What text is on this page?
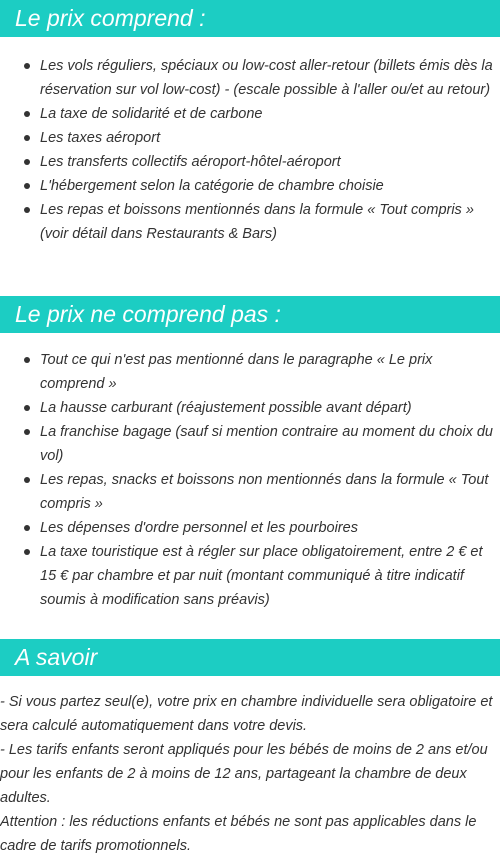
Le prix comprend :
Les vols réguliers, spéciaux ou low-cost aller-retour (billets émis dès la réservation sur vol low-cost) - (escale possible à l'aller ou/et au retour)
La taxe de solidarité et de carbone
Les taxes aéroport
Les transferts collectifs aéroport-hôtel-aéroport
L'hébergement selon la catégorie de chambre choisie
Les repas et boissons mentionnés dans la formule « Tout compris » (voir détail dans Restaurants & Bars)
Le prix ne comprend pas :
Tout ce qui n'est pas mentionné dans le paragraphe « Le prix comprend »
La hausse carburant (réajustement possible avant départ)
La franchise bagage (sauf si mention contraire au moment du choix du vol)
Les repas, snacks et boissons non mentionnés dans la formule « Tout compris »
Les dépenses d'ordre personnel et les pourboires
La taxe touristique est à régler sur place obligatoirement, entre 2 € et 15 € par chambre et par nuit (montant communiqué à titre indicatif soumis à modification sans préavis)
A savoir

- Si vous partez seul(e), votre prix en chambre individuelle sera obligatoire et sera calculé automatiquement dans votre devis.

- Les tarifs enfants seront appliqués pour les bébés de moins de 2 ans et/ou pour les enfants de 2 à moins de 12 ans, partageant la chambre de deux adultes.

Attention : les réductions enfants et bébés ne sont pas applicables dans le cadre de tarifs promotionnels.
